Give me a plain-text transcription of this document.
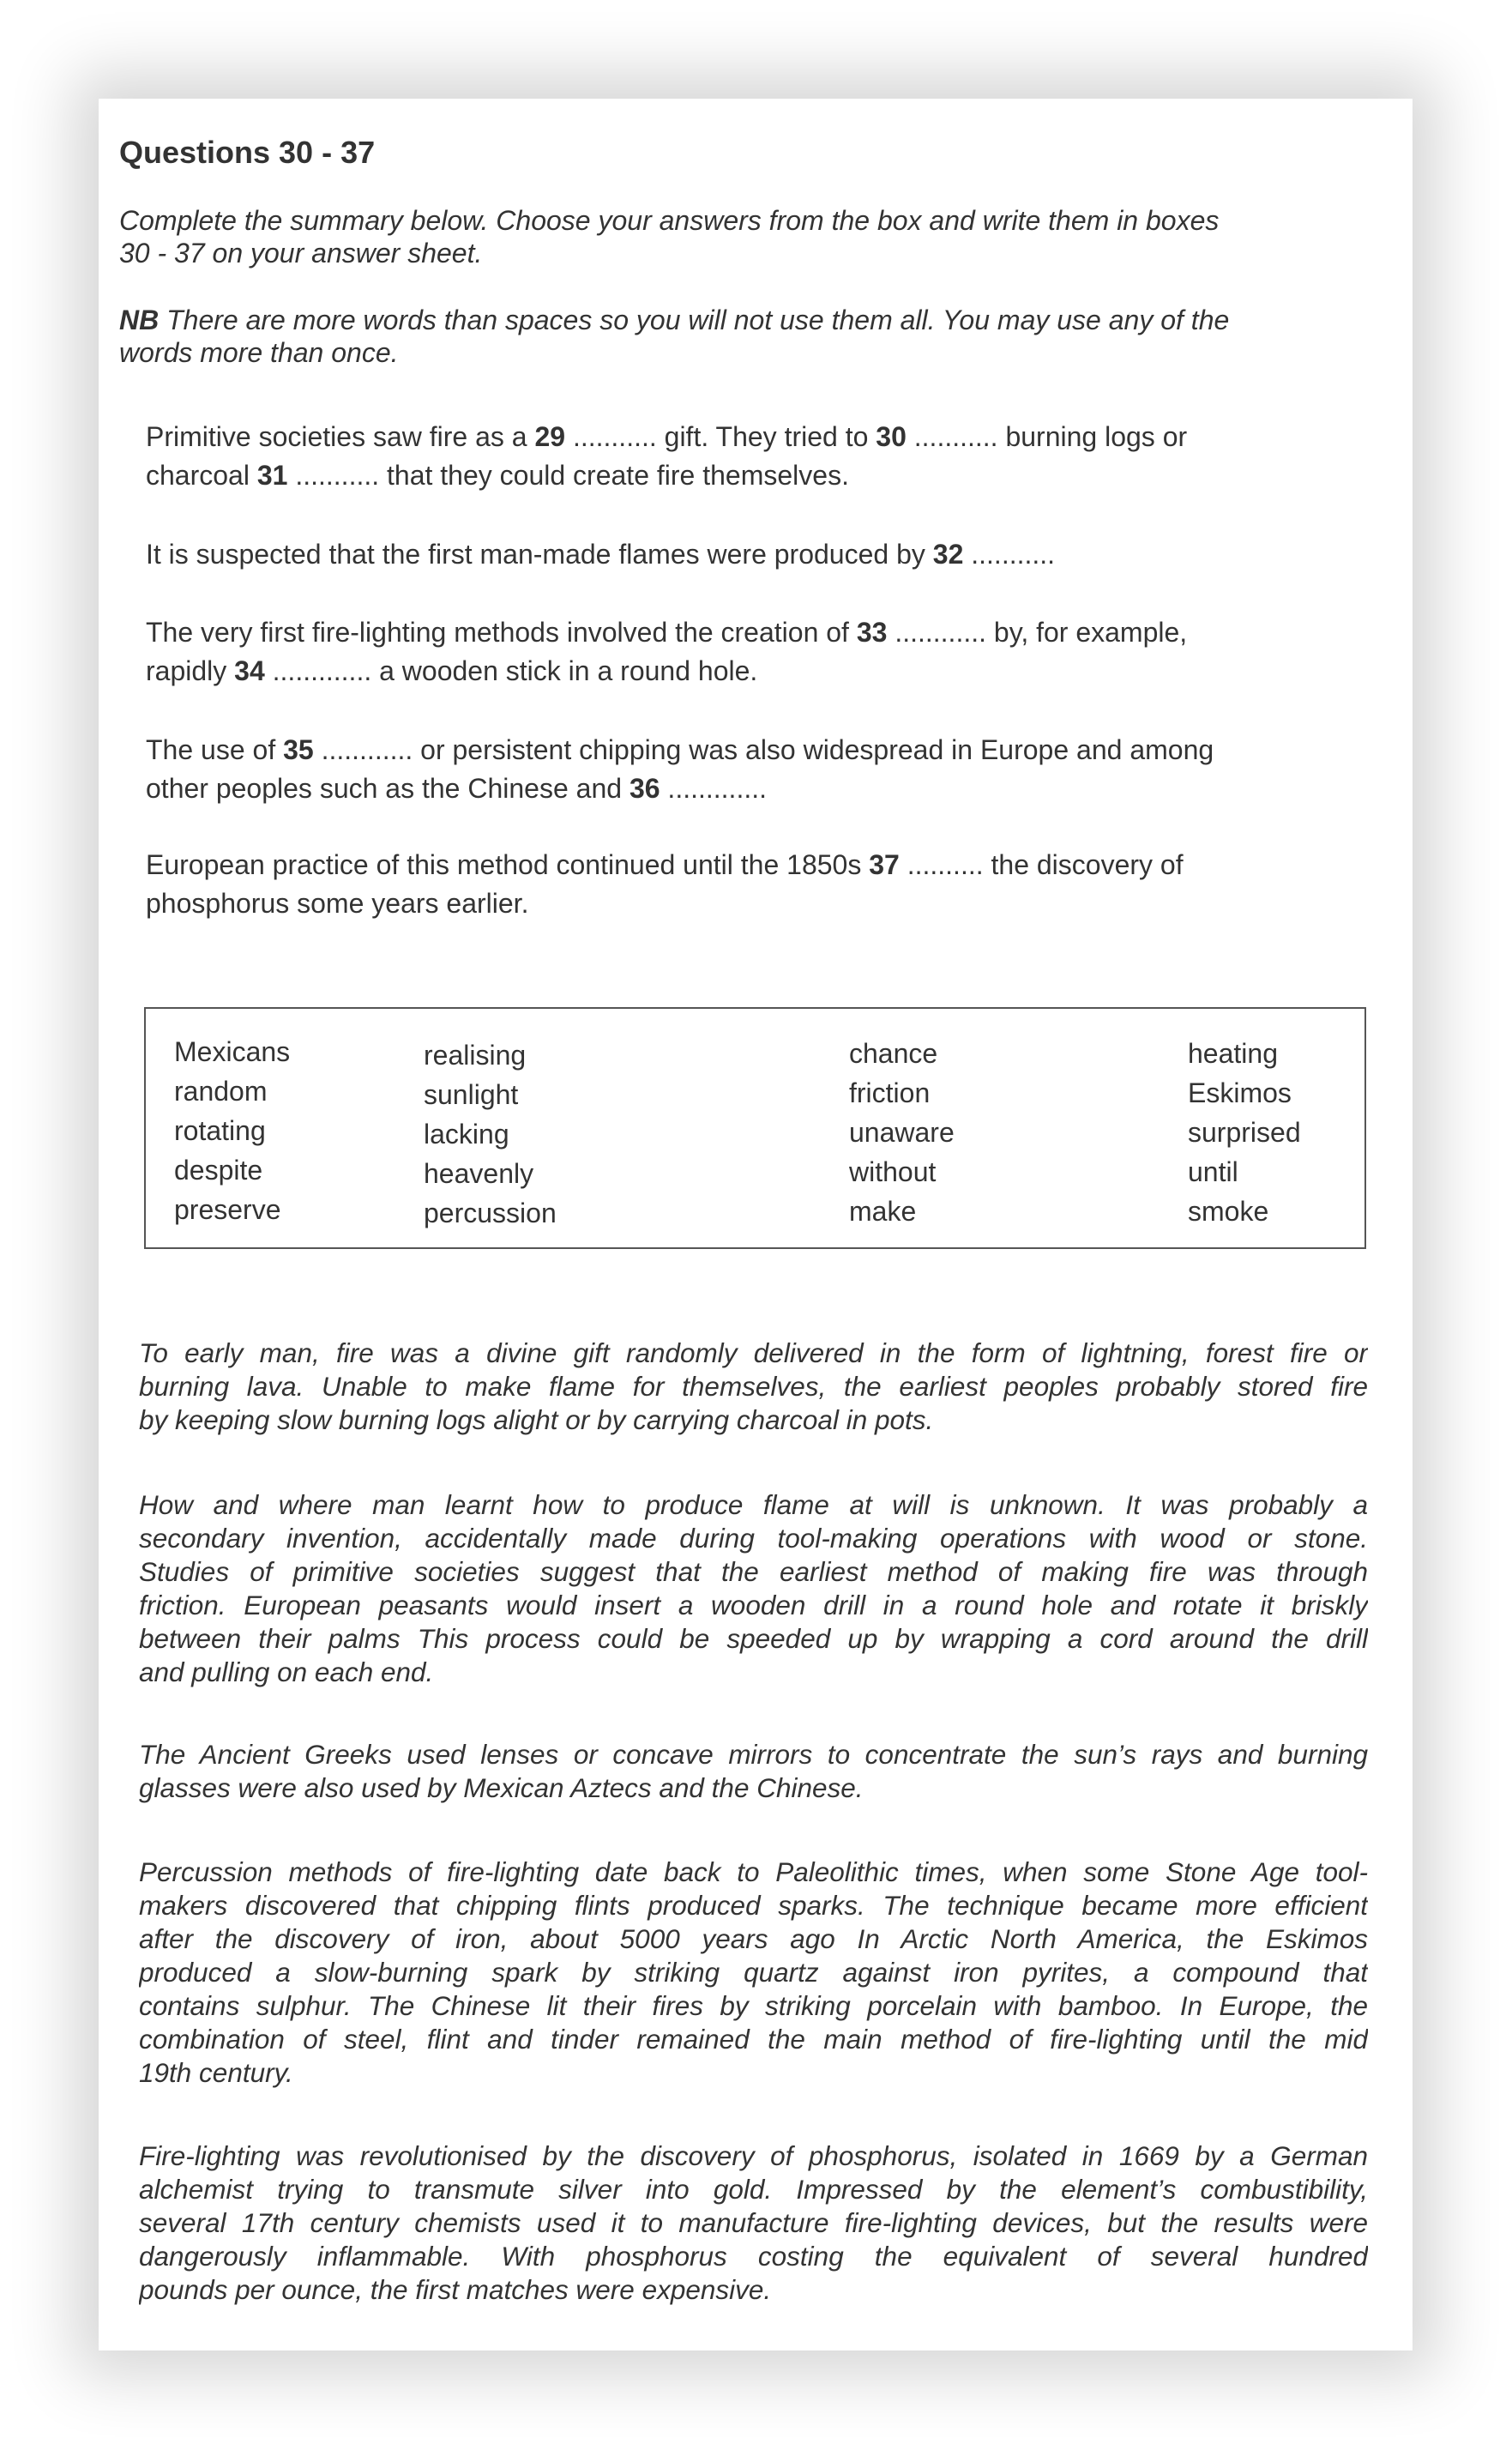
Questions 30 - 37
Complete the summary below. Choose your answers from the box and write them in boxes
30 - 37 on your answer sheet.
NB There are more words than spaces so you will not use them all. You may use any of the
words more than once.
Primitive societies saw fire as a 29 ........... gift. They tried to 30 ........... burning logs or
charcoal 31 ........... that they could create fire themselves.
It is suspected that the first man-made flames were produced by 32 ...........
The very first fire-lighting methods involved the creation of 33 ............ by, for example,
rapidly 34 ............. a wooden stick in a round hole.
The use of 35 ............ or persistent chipping was also widespread in Europe and among
other peoples such as the Chinese and 36 .............
European practice of this method continued until the 1850s 37 .......... the discovery of
phosphorus some years earlier.
Mexicans
random
rotating
despite
preserve
realising
sunlight
lacking
heavenly
percussion
chance
friction
unaware
without
make
heating
Eskimos
surprised
until
smoke
To early man, fire was a divine gift randomly delivered in the form of lightning, forest fire or
burning lava. Unable to make flame for themselves, the earliest peoples probably stored fire
by keeping slow burning logs alight or by carrying charcoal in pots.
How and where man learnt how to produce flame at will is unknown. It was probably a
secondary invention, accidentally made during tool-making operations with wood or stone.
Studies of primitive societies suggest that the earliest method of making fire was through
friction. European peasants would insert a wooden drill in a round hole and rotate it briskly
between their palms This process could be speeded up by wrapping a cord around the drill
and pulling on each end.
The Ancient Greeks used lenses or concave mirrors to concentrate the sun’s rays and burning
glasses were also used by Mexican Aztecs and the Chinese.
Percussion methods of fire-lighting date back to Paleolithic times, when some Stone Age tool-
makers discovered that chipping flints produced sparks. The technique became more efficient
after the discovery of iron, about 5000 years ago In Arctic North America, the Eskimos
produced a slow-burning spark by striking quartz against iron pyrites, a compound that
contains sulphur. The Chinese lit their fires by striking porcelain with bamboo. In Europe, the
combination of steel, flint and tinder remained the main method of fire-lighting until the mid
19th century.
Fire-lighting was revolutionised by the discovery of phosphorus, isolated in 1669 by a German
alchemist trying to transmute silver into gold. Impressed by the element’s combustibility,
several 17th century chemists used it to manufacture fire-lighting devices, but the results were
dangerously inflammable. With phosphorus costing the equivalent of several hundred
pounds per ounce, the first matches were expensive.
